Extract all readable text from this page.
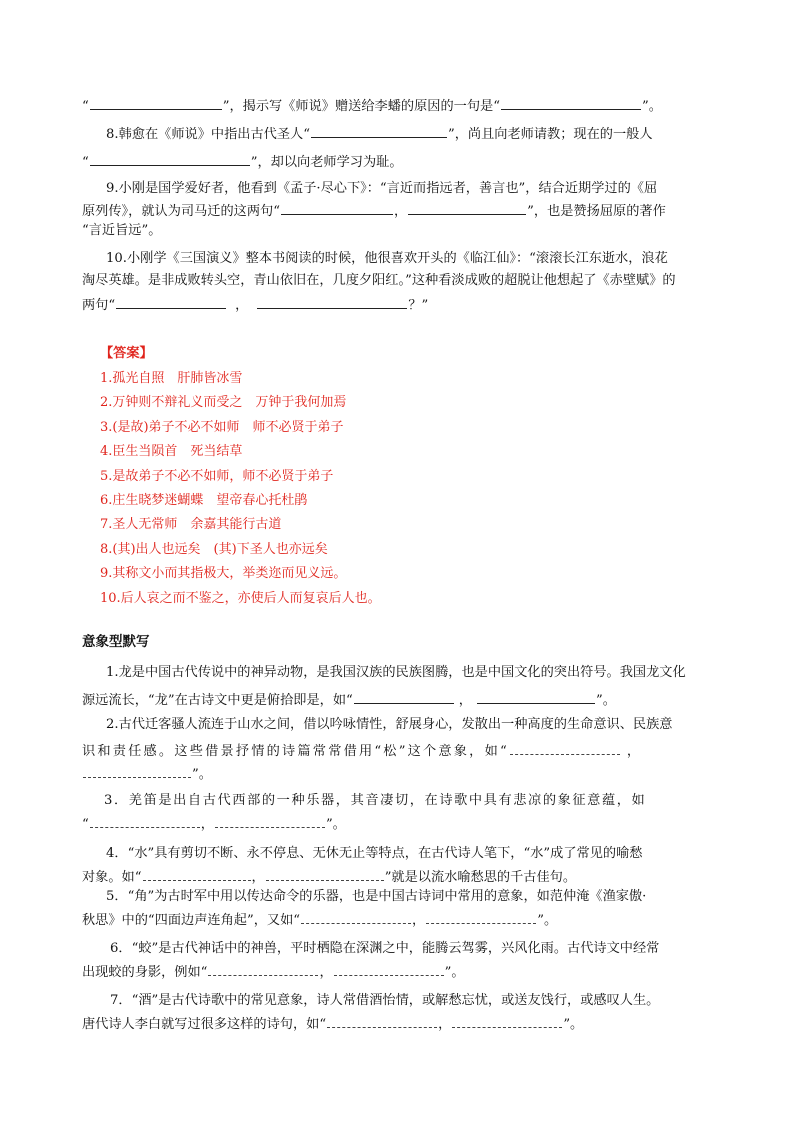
“	”，揭示写《师说》赠送给李蟠的原因的一句是“	”。
8.韩愈在《师说》中指出古代圣人“	”，尚且向老师请教；现在的一般人
“	”，却以向老师学习为耻。
9.小刚是国学爱好者，他看到《孟子·尽心下》：“言近而指远者，善言也”，结合近期学过的《屈
原列传》，就认为司马迁的这两句“	，	”，也是赞扬屈原的著作
“言近旨远”。
10.小刚学《三国演义》整本书阅读的时候，他很喜欢开头的《临江仙》：“滚滚长江东逝水，浪花
淘尽英雄。是非成败转头空，青山依旧在，几度夕阳红。”这种看淡成败的超脱让他想起了《赤壁赋》的
两句“	，	？”
【答案】
1.孤光自照　肝肺皆冰雪
2.万钟则不辩礼义而受之　万钟于我何加焉
3.(是故)弟子不必不如师　师不必贤于弟子
4.臣生当陨首　死当结草
5.是故弟子不必不如师，师不必贤于弟子
6.庄生晓梦迷蝴蝶　望帝春心托杜鹃
7.圣人无常师　余嘉其能行古道
8.(其)出人也远矣　(其)下圣人也亦远矣
9.其称文小而其指极大，举类迩而见义远。
10.后人哀之而不鉴之，亦使后人而复哀后人也。
意象型默写
1.龙是中国古代传说中的神异动物，是我国汉族的民族图腾，也是中国文化的突出符号。我国龙文化
源远流长，“龙”在古诗文中更是俯拾即是，如“	，	”。
2.古代迁客骚人流连于山水之间，借以吟咏情性，舒展身心，发散出一种高度的生命意识、民族意
识和责任感。这些借景抒情的诗篇常常借用“松”这个意象，如“	，
”。
3．羌笛是出自古代西部的一种乐器，其音凄切，在诗歌中具有悲凉的象征意蕴，如
“	，	”。
4．“水”具有剪切不断、永不停息、无休无止等特点，在古代诗人笔下，“水”成了常见的喻愁
对象。如“	，	”就是以流水喻愁思的千古佳句。
5．“角”为古时军中用以传达命令的乐器，也是中国古诗词中常用的意象，如范仲淹《渔家傲·
秋思》中的“四面边声连角起”，又如“	，	”。
6．“蛟”是古代神话中的神兽，平时栖隐在深渊之中，能腾云驾雾，兴风化雨。古代诗文中经常
出现蛟的身影，例如“	，	”。
7．“酒”是古代诗歌中的常见意象，诗人常借酒怡情，或解愁忘忧，或送友饯行，或感叹人生。
唐代诗人李白就写过很多这样的诗句，如“	，	”。
